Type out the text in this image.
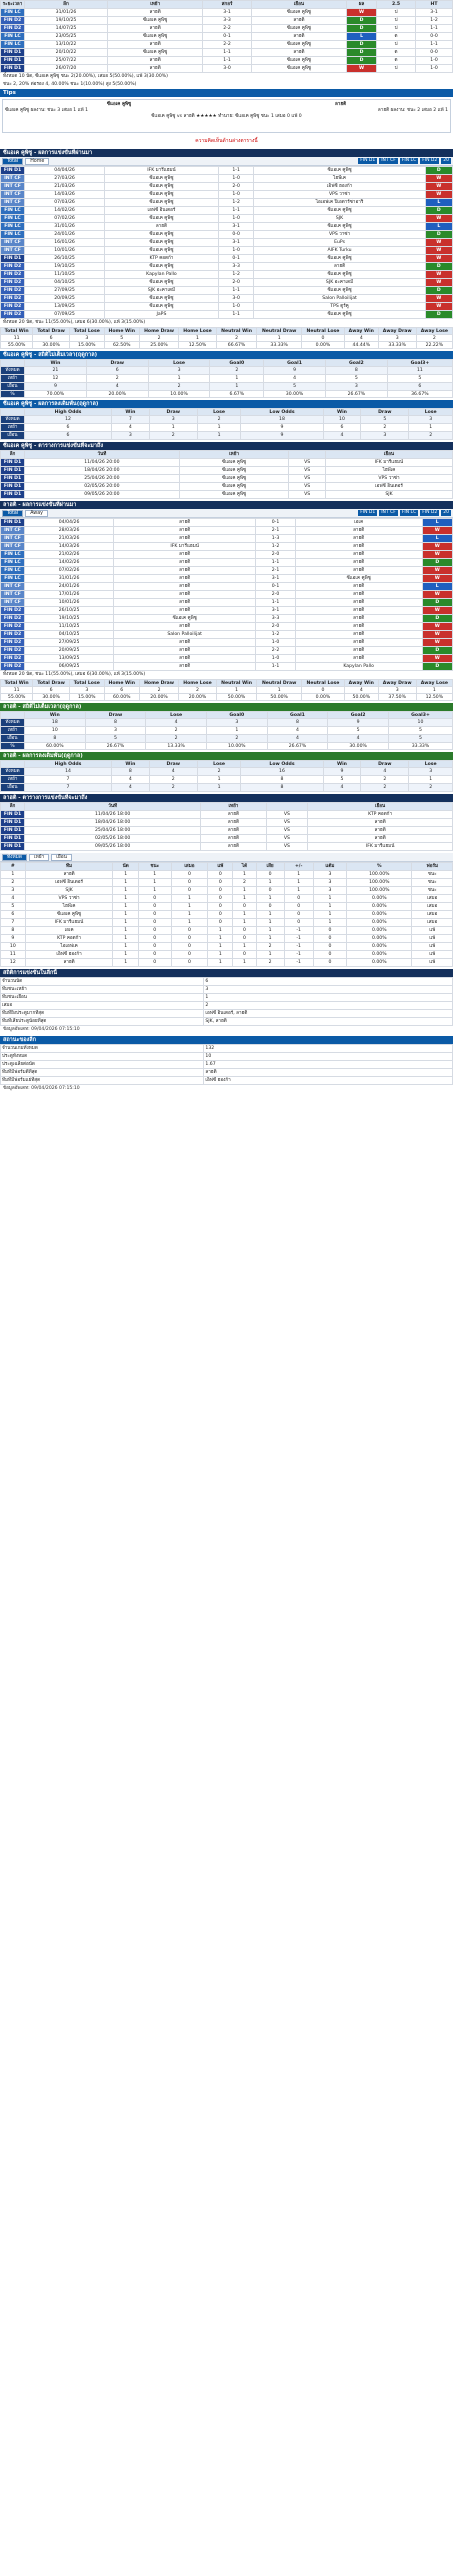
ระยะเวลา	ลีก	เหย้า	สกอร์	เยือน	ผล	2.5	HT
FIN LC	31/01/26	ลาฮติ	3-1	ซีแอเค คูพิซู	W	ป	3-1
FIN D2	19/10/25	ซีแอเค คูพิซู	3-3	ลาฮติ	D	ป	1-2
FIN D2	14/07/25	ลาฮติ	2-2	ซีแอเค คูพิซู	D	ป	1-1
FIN LC	23/05/25	ซีแอเค คูพิซู	0-1	ลาฮติ	L	ต	0-0
FIN LC	13/10/22	ลาฮติ	2-2	ซีแอเค คูพิซู	D	ป	1-1
FIN D1	20/10/22	ซีแอเค คูพิซู	1-1	ลาฮติ	D	ต	0-0
FIN D1	25/07/22	ลาฮติ	1-1	ซีแอเค คูพิซู	D	ต	1-0
FIN D1	26/07/20	ลาฮติ	3-0	ซีแอเค คูพิซู	W	ป	1-0
ทั้งหมด 10 นัด, ซีแอเค คูพิซู ชนะ 2(20.00%), เสมอ 5(50.00%), แพ้ 3(30.00%)
ชนะ 2, 20% ต่อรอง 4, 40.00% ชนะ 1(10.00%) สูง 5(50.00%)
Tips
ซีแอเค คูพิซู	ลาฮติ
ซีแอเค คูพิซู ผลงาน: ชนะ 3 เสมอ 1 แพ้ 1	ลาฮติ ผลงาน: ชนะ 2 เสมอ 2 แพ้ 1
ซีแอเค คูพิซู vs ลาฮติ ★★★★★ ทำนาย: ซีแอเค คูพิซู ชนะ 1 เสมอ 0 แพ้ 0
ความคิดเห็นด้านล่างตารางนี้
ซีแอเค คูพิซู - ผลการแข่งขันที่ผ่านมา
Total	Home	FIN D1	INT CF	FIN LC	FIN D2	20
FIN D1	04/04/26	IFK มารีแฮมน์	1-1	ซีแอเค คูพิซู	D
INT CF	27/03/26	ซีแอเค คูพิซู	1-0	ไฮพีเค	W
INT CF	21/03/26	ซีแอเค คูพิซู	2-0	เอ็ฟซี ฮองก้า	W
INT CF	14/03/26	ซีแอเค คูพิซู	1-0	VPS วาซ่า	W
INT CF	07/03/26	ซีแอเค คูพิซู	1-2	ไอเอฟเค ปิเอตาร์ซาอาริ	L
FIN LC	14/02/26	เอฟซี อินเตอร์	1-1	ซีแอเค คูพิซู	D
FIN LC	07/02/26	ซีแอเค คูพิซู	1-0	SJK	W
FIN LC	31/01/26	ลาฮติ	3-1	ซีแอเค คูพิซู	L
FIN LC	24/01/26	ซีแอเค คูพิซู	0-0	VPS วาซ่า	D
INT CF	16/01/26	ซีแอเค คูพิซู	3-1	EuPs	W
INT CF	10/01/26	ซีแอเค คูพิซู	1-0	AIFK Turku	W
FIN D1	26/10/25	KTP คอตก้า	0-1	ซีแอเค คูพิซู	W
FIN D2	19/10/25	ซีแอเค คูพิซู	3-3	ลาฮติ	D
FIN D2	11/10/25	Kapylan Pallo	1-2	ซีแอเค คูพิซู	W
FIN D2	04/10/25	ซีแอเค คูพิซู	2-0	SJK อะคาเดมี	W
FIN D2	27/09/25	SJK อะคาเดมี	1-1	ซีแอเค คูพิซู	D
FIN D2	20/09/25	ซีแอเค คูพิซู	3-0	Salon Palloilijat	W
FIN D2	13/09/25	ซีแอเค คูพิซู	1-0	TPS ตูร์คู	W
FIN D2	07/09/25	JaPS	1-1	ซีแอเค คูพิซู	D
ทั้งหมด 20 นัด, ชนะ 11(55.00%), เสมอ 6(30.00%), แพ้ 3(15.00%)
Total Win	Total Draw	Total Lose	Home Win	Home Draw	Home Lose	Neutral Win	Neutral Draw	Neutral Lose	Away Win	Away Draw	Away Lose
11	6	3	5	2	1	2	1	0	4	3	2
55.00%	30.00%	15.00%	62.50%	25.00%	12.50%	66.67%	33.33%	0.00%	44.44%	33.33%	22.22%
ซีแอเค คูพิซู - สถิติไม่เต็มเวลา(ฤดูกาล)
	Win	Draw	Lose	Goal0	Goal1	Goal2	Goal3+
ทั้งหมด	21	6	3	2	9	8	11
เหย้า	12	2	1	1	4	5	5
เยือน	9	4	2	1	5	3	6
%	70.00%	20.00%	10.00%	6.67%	30.00%	26.67%	36.67%
ซีแอเค คูพิซู - ผลการลงเดิมพัน(ฤดูกาล)
	High Odds	Win	Draw	Lose	Low Odds	Win	Draw	Lose
ทั้งหมด	12	7	3	2	18	10	5	3
เหย้า	6	4	1	1	9	6	2	1
เยือน	6	3	2	1	9	4	3	2
ซีแอเค คูพิซู - ตารางการแข่งขันที่จะมาถึง
ลีก	วันที่	เหย้า		เยือน
FIN D1	11/04/26 20:00	ซีแอเค คูพิซู	VS	IFK มารีแฮมน์
FIN D1	18/04/26 20:00	ซีแอเค คูพิซู	VS	ไฮพีเค
FIN D1	25/04/26 20:00	ซีแอเค คูพิซู	VS	VPS วาซ่า
FIN D1	02/05/26 20:00	ซีแอเค คูพิซู	VS	เอฟซี อินเตอร์
FIN D1	09/05/26 20:00	ซีแอเค คูพิซู	VS	SJK
ลาฮติ - ผลการแข่งขันที่ผ่านมา
Total	Away	FIN D1	INT CF	FIN LC	FIN D2	20
FIN D1	04/04/26	ลาฮติ	0-1	เอเค	L
INT CF	28/03/26	ลาฮติ	2-1	ลาฮติ	W
INT CF	21/03/26	ลาฮติ	1-3	ลาฮติ	L
INT CF	14/03/26	IFK มารีแฮมน์	1-2	ลาฮติ	W
FIN LC	21/02/26	ลาฮติ	2-0	ลาฮติ	W
FIN LC	14/02/26	ลาฮติ	1-1	ลาฮติ	D
FIN LC	07/02/26	ลาฮติ	2-1	ลาฮติ	W
FIN LC	31/01/26	ลาฮติ	3-1	ซีแอเค คูพิซู	W
INT CF	24/01/26	ลาฮติ	0-1	ลาฮติ	L
INT CF	17/01/26	ลาฮติ	2-0	ลาฮติ	W
INT CF	10/01/26	ลาฮติ	1-1	ลาฮติ	D
FIN D2	26/10/25	ลาฮติ	3-1	ลาฮติ	W
FIN D2	19/10/25	ซีแอเค คูพิซู	3-3	ลาฮติ	D
FIN D2	11/10/25	ลาฮติ	2-0	ลาฮติ	W
FIN D2	04/10/25	Salon Palloilijat	1-2	ลาฮติ	W
FIN D2	27/09/25	ลาฮติ	1-0	ลาฮติ	W
FIN D2	20/09/25	ลาฮติ	2-2	ลาฮติ	D
FIN D2	13/09/25	ลาฮติ	1-0	ลาฮติ	W
FIN D2	06/09/25	ลาฮติ	1-1	Kapylan Pallo	D
ทั้งหมด 20 นัด, ชนะ 11(55.00%), เสมอ 6(30.00%), แพ้ 3(15.00%)
Total Win	Total Draw	Total Lose	Home Win	Home Draw	Home Lose	Neutral Win	Neutral Draw	Neutral Lose	Away Win	Away Draw	Away Lose
11	6	3	6	2	2	1	1	0	4	3	1
55.00%	30.00%	15.00%	60.00%	20.00%	20.00%	50.00%	50.00%	0.00%	50.00%	37.50%	12.50%
ลาฮติ - สถิติไม่เต็มเวลา(ฤดูกาล)
	Win	Draw	Lose	Goal0	Goal1	Goal2	Goal3+
ทั้งหมด	18	8	4	3	8	9	10
เหย้า	10	3	2	1	4	5	5
เยือน	8	5	2	2	4	4	5
%	60.00%	26.67%	13.33%	10.00%	26.67%	30.00%	33.33%
ลาฮติ - ผลการลงเดิมพัน(ฤดูกาล)
	High Odds	Win	Draw	Lose	Low Odds	Win	Draw	Lose
ทั้งหมด	14	8	4	2	16	9	4	3
เหย้า	7	4	2	1	8	5	2	1
เยือน	7	4	2	1	8	4	2	2
ลาฮติ - ตารางการแข่งขันที่จะมาถึง
ลีก	วันที่	เหย้า		เยือน
FIN D1	11/04/26 18:00	ลาฮติ	VS	KTP คอตก้า
FIN D1	18/04/26 18:00	ลาฮติ	VS	ลาฮติ
FIN D1	25/04/26 18:00	ลาฮติ	VS	ลาฮติ
FIN D1	02/05/26 18:00	ลาฮติ	VS	ลาฮติ
FIN D1	09/05/26 18:00	ลาฮติ	VS	IFK มารีแฮมน์
ทั้งหมด	เหย้า	เยือน
#	ทีม	นัด	ชนะ	เสมอ	แพ้	ได้	เสีย	+/-	แต้ม	%	ฟอร์ม
1	ลาฮติ	1	1	0	0	1	0	1	3	100.00%	ชนะ
2	เอฟซี อินเตอร์	1	1	0	0	2	1	1	3	100.00%	ชนะ
3	SJK	1	1	0	0	1	0	1	3	100.00%	ชนะ
4	VPS วาซ่า	1	0	1	0	1	1	0	1	0.00%	เสมอ
5	ไฮพีเค	1	0	1	0	0	0	0	1	0.00%	เสมอ
6	ซีแอเค คูพิซู	1	0	1	0	1	1	0	1	0.00%	เสมอ
7	IFK มารีแฮมน์	1	0	1	0	1	1	0	1	0.00%	เสมอ
8	เอเค	1	0	0	1	0	1	-1	0	0.00%	แพ้
9	KTP คอตก้า	1	0	0	1	0	1	-1	0	0.00%	แพ้
10	ไอเอฟเค	1	0	0	1	1	2	-1	0	0.00%	แพ้
11	เอ็ฟซี ฮองก้า	1	0	0	1	0	1	-1	0	0.00%	แพ้
12	ลาฮติ	1	0	0	1	1	2	-1	0	0.00%	แพ้
สถิติการแข่งขันในลีกนี้
จำนวนนัด	6
ทีมชนะเหย้า	3
ทีมชนะเยือน	1
เสมอ	2
ทีมที่ยิงประตูมากที่สุด	เอฟซี อินเตอร์, ลาฮติ
ทีมที่เสียประตูน้อยที่สุด	SJK, ลาฮติ
ข้อมูลอัพเดท: 09/04/2026 07:15:10
สถานะของลีก
จำนวนเกมทั้งหมด	132
ประตูทั้งหมด	10
ประตูเฉลี่ยต่อนัด	1.67
ทีมที่มีฟอร์มดีที่สุด	ลาฮติ
ทีมที่มีฟอร์มแย่ที่สุด	เอ็ฟซี ฮองก้า
ข้อมูลอัพเดท: 09/04/2026 07:15:10
